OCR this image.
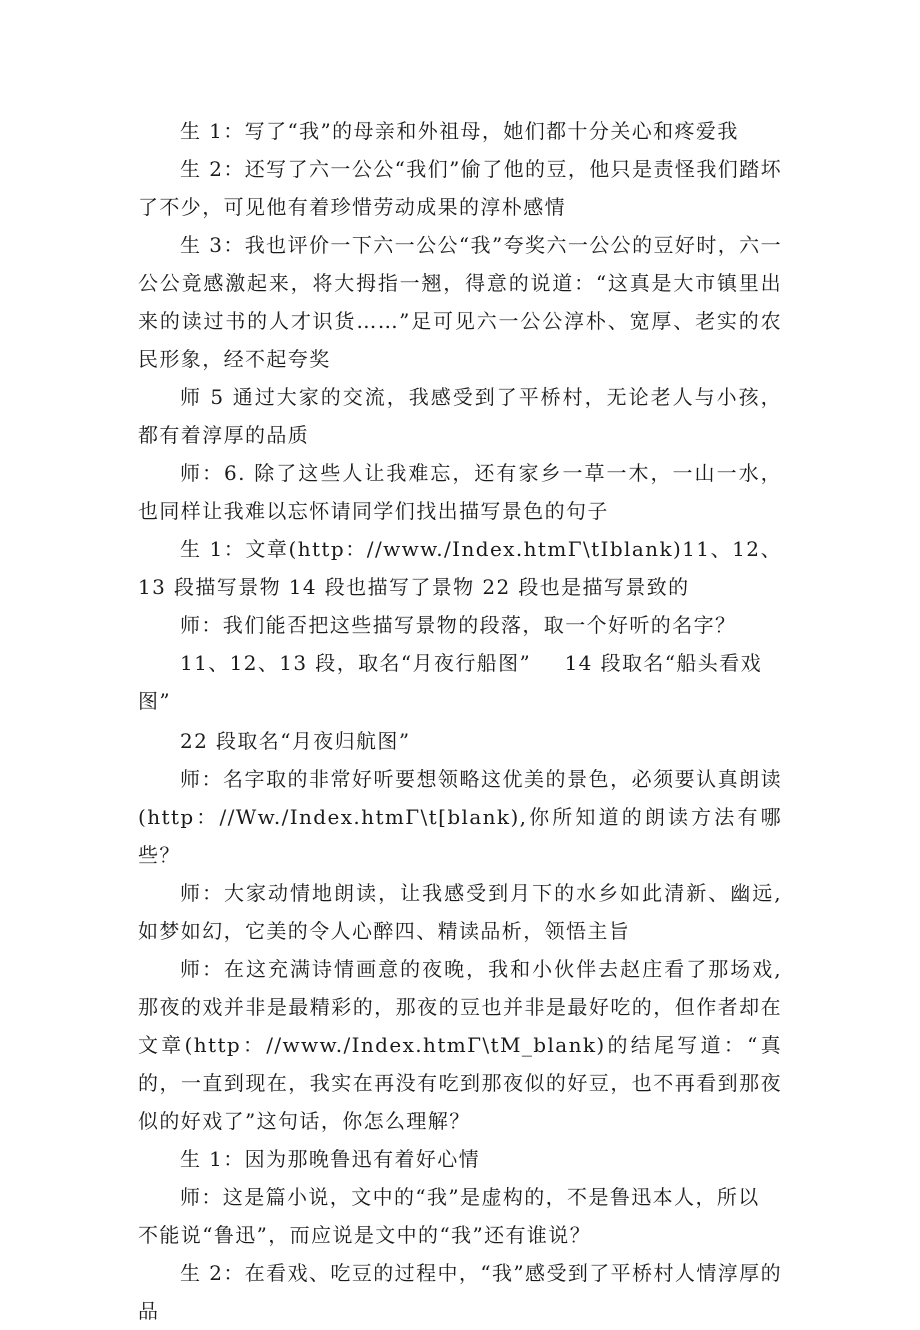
生 1：写了“我”的母亲和外祖母，她们都十分关心和疼爱我

生 2：还写了六一公公“我们”偷了他的豆，他只是责怪我们踏坏了不少，可见他有着珍惜劳动成果的淳朴感情

生 3：我也评价一下六一公公“我”夸奖六一公公的豆好时，六一公公竟感激起来，将大拇指一翘，得意的说道：“这真是大市镇里出来的读过书的人才识货……”足可见六一公公淳朴、宽厚、老实的农民形象，经不起夸奖

师 5 通过大家的交流，我感受到了平桥村，无论老人与小孩，都有着淳厚的品质

师：6. 除了这些人让我难忘，还有家乡一草一木，一山一水，也同样让我难以忘怀请同学们找出描写景色的句子

生 1：文章(http：//www./Index.htmΓ\tIblank)11、12、13 段描写景物 14 段也描写了景物 22 段也是描写景致的

师：我们能否把这些描写景物的段落，取一个好听的名字？

11、12、13 段，取名“月夜行船图” 14 段取名“船头看戏

图”

22 段取名“月夜归航图”

师：名字取的非常好听要想领略这优美的景色，必须要认真朗读(http：//Ww./Index.htmΓ\t[blank),你所知道的朗读方法有哪些？

师：大家动情地朗读，让我感受到月下的水乡如此清新、幽远,如梦如幻，它美的令人心醉四、精读品析，领悟主旨

师：在这充满诗情画意的夜晚，我和小伙伴去赵庄看了那场戏,那夜的戏并非是最精彩的，那夜的豆也并非是最好吃的，但作者却在文章(http：//www./Index.htmΓ\tM_blank)的结尾写道：“真的，一直到现在，我实在再没有吃到那夜似的好豆，也不再看到那夜似的好戏了”这句话，你怎么理解？

生 1：因为那晚鲁迅有着好心情

师：这是篇小说，文中的“我”是虚构的，不是鲁迅本人，所以

不能说“鲁迅”，而应说是文中的“我”还有谁说？

生 2：在看戏、吃豆的过程中，“我”感受到了平桥村人情淳厚的品
